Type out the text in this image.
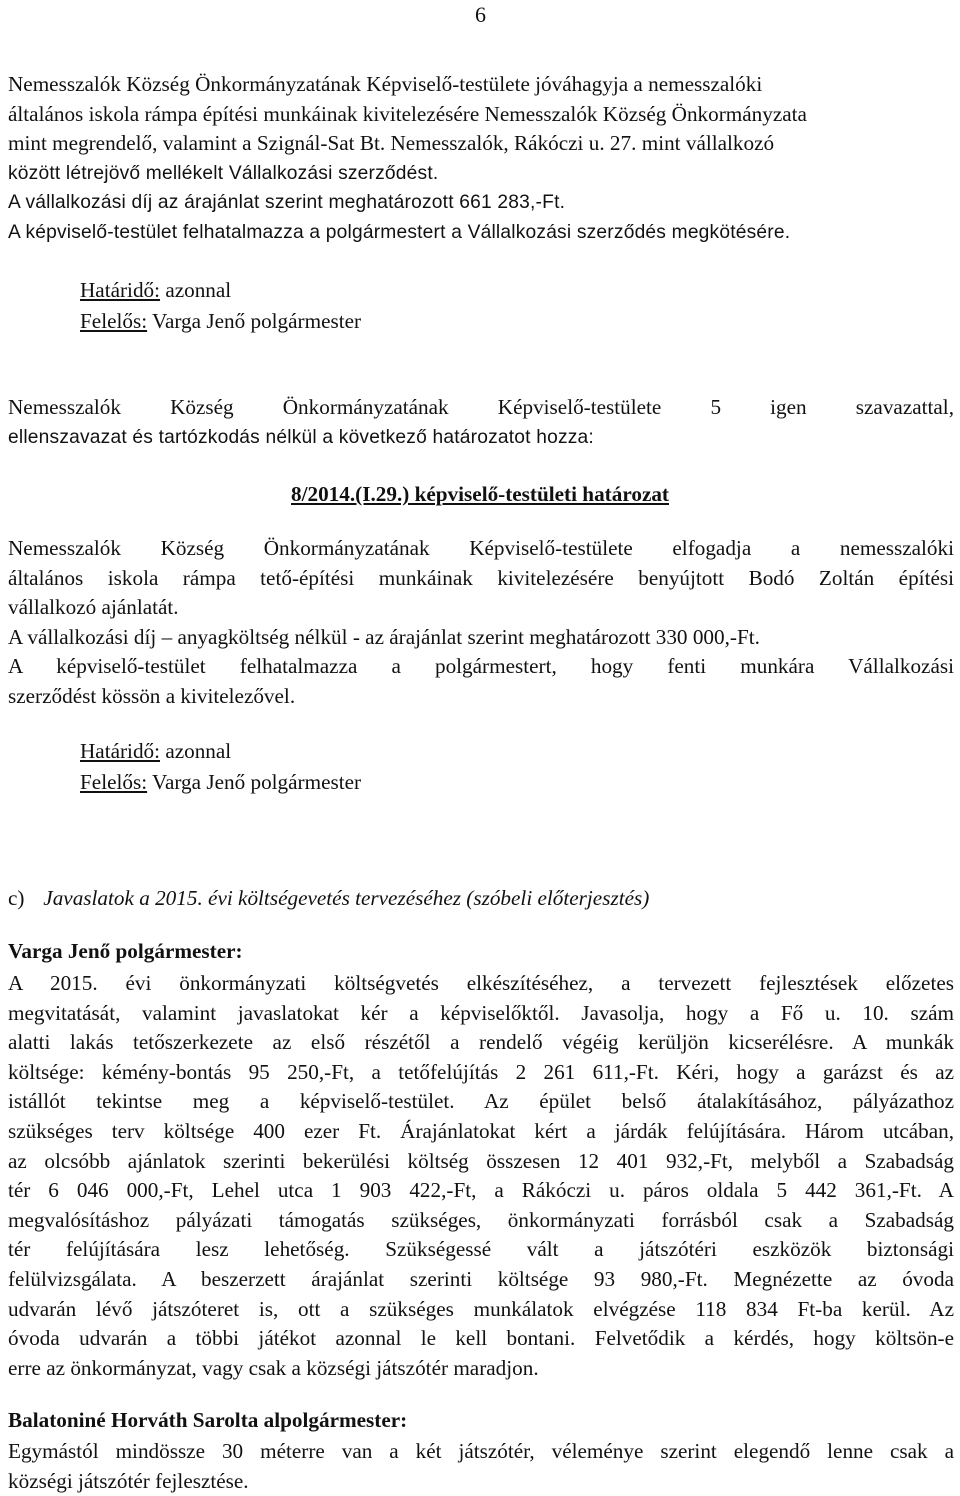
6

Nemesszalók Község Önkormányzatának Képviselő-testülete jóváhagyja a nemesszalóki

általános iskola rámpa építési munkáinak kivitelezésére Nemesszalók Község Önkormányzata

mint megrendelő, valamint a Szignál-Sat Bt. Nemesszalók, Rákóczi u. 27. mint vállalkozó

között létrejövő mellékelt Vállalkozási szerződést.

A vállalkozási díj az árajánlat szerint meghatározott 661 283,-Ft.

A képviselő-testület felhatalmazza a polgármestert a Vállalkozási szerződés megkötésére.

Határidő: azonnal
Felelős: Varga Jenő polgármester

Nemesszalók Község Önkormányzatának Képviselő-testülete 5 igen szavazattal,

ellenszavazat és tartózkodás nélkül a következő határozatot hozza:

8/2014.(I.29.) képviselő-testületi határozat

Nemesszalók Község Önkormányzatának Képviselő-testülete elfogadja a nemesszalóki

általános iskola rámpa tető-építési munkáinak kivitelezésére benyújtott Bodó Zoltán építési

vállalkozó ajánlatát.

A vállalkozási díj – anyagköltség nélkül - az árajánlat szerint meghatározott 330 000,-Ft.

A képviselő-testület felhatalmazza a polgármestert, hogy fenti munkára Vállalkozási

szerződést kössön a kivitelezővel.

Határidő: azonnal
Felelős: Varga Jenő polgármester
c) Javaslatok a 2015. évi költségevetés tervezéséhez (szóbeli előterjesztés)
Varga Jenő polgármester:

A 2015. évi önkormányzati költségvetés elkészítéséhez, a tervezett fejlesztések előzetes

megvitatását, valamint javaslatokat kér a képviselőktől. Javasolja, hogy a Fő u. 10. szám

alatti lakás tetőszerkezete az első részétől a rendelő végéig kerüljön kicserélésre. A munkák

költsége: kémény-bontás 95 250,-Ft, a tetőfelújítás 2 261 611,-Ft. Kéri, hogy a garázst és az

istállót tekintse meg a képviselő-testület. Az épület belső átalakításához, pályázathoz

szükséges terv költsége 400 ezer Ft. Árajánlatokat kért a járdák felújítására. Három utcában,

az olcsóbb ajánlatok szerinti bekerülési költség összesen 12 401 932,-Ft, melyből a Szabadság

tér 6 046 000,-Ft, Lehel utca 1 903 422,-Ft, a Rákóczi u. páros oldala 5 442 361,-Ft. A

megvalósításhoz pályázati támogatás szükséges, önkormányzati forrásból csak a Szabadság

tér felújítására lesz lehetőség. Szükségessé vált a játszótéri eszközök biztonsági

felülvizsgálata. A beszerzett árajánlat szerinti költsége 93 980,-Ft. Megnézette az óvoda

udvarán lévő játszóteret is, ott a szükséges munkálatok elvégzése 118 834 Ft-ba kerül. Az

óvoda udvarán a többi játékot azonnal le kell bontani. Felvetődik a kérdés, hogy költsön-e

erre az önkormányzat, vagy csak a községi játszótér maradjon.

Balatoniné Horváth Sarolta alpolgármester:

Egymástól mindössze 30 méterre van a két játszótér, véleménye szerint elegendő lenne csak a

községi játszótér fejlesztése.
